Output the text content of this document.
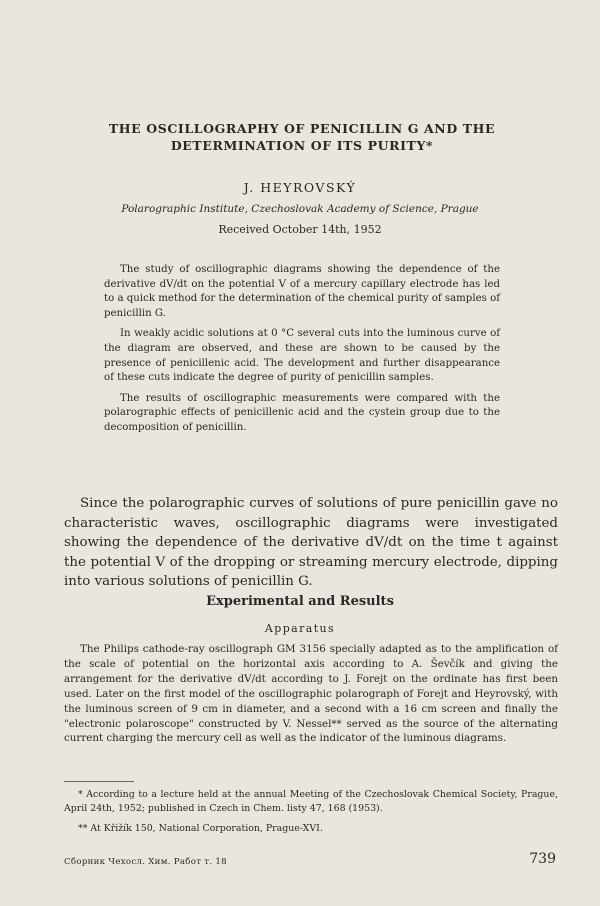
THE OSCILLOGRAPHY OF PENICILLIN G AND THE DETERMINATION OF ITS PURITY*
J. HEYROVSKÝ
Polarographic Institute, Czechoslovak Academy of Science, Prague
Received October 14th, 1952

The study of oscillographic diagrams showing the dependence of the derivative dV/dt on the potential V of a mercury capillary electrode has led to a quick method for the determination of the chemical purity of samples of penicillin G.

In weakly acidic solutions at 0 °C several cuts into the luminous curve of the diagram are observed, and these are shown to be caused by the presence of penicillenic acid. The development and further disappearance of these cuts indicate the degree of purity of penicillin samples.

The results of oscillographic measurements were compared with the polarographic effects of penicillenic acid and the cystein group due to the decomposition of penicillin.

Since the polarographic curves of solutions of pure penicillin gave no characteristic waves, oscillographic diagrams were investigated showing the dependence of the derivative dV/dt on the time t against the potential V of the dropping or streaming mercury electrode, dipping into various solutions of penicillin G.

Experimental and Results
Apparatus

The Philips cathode-ray oscillograph GM 3156 specially adapted as to the amplification of the scale of potential on the horizontal axis according to A. Ševčík and giving the arrangement for the derivative dV/dt according to J. Forejt on the ordinate has first been used. Later on the first model of the oscillographic polarograph of Forejt and Heyrovský, with the luminous screen of 9 cm in diameter, and a second with a 16 cm screen and finally the "electronic polaroscope" constructed by V. Nessel** served as the source of the alternating current charging the mercury cell as well as the indicator of the luminous diagrams.

* According to a lecture held at the annual Meeting of the Czechoslovak Chemical Society, Prague, April 24th, 1952; published in Czech in Chem. listy 47, 168 (1953).

** At Křižík 150, National Corporation, Prague-XVI.

Сборник Чехосл. Хим. Работ т. 18	739
